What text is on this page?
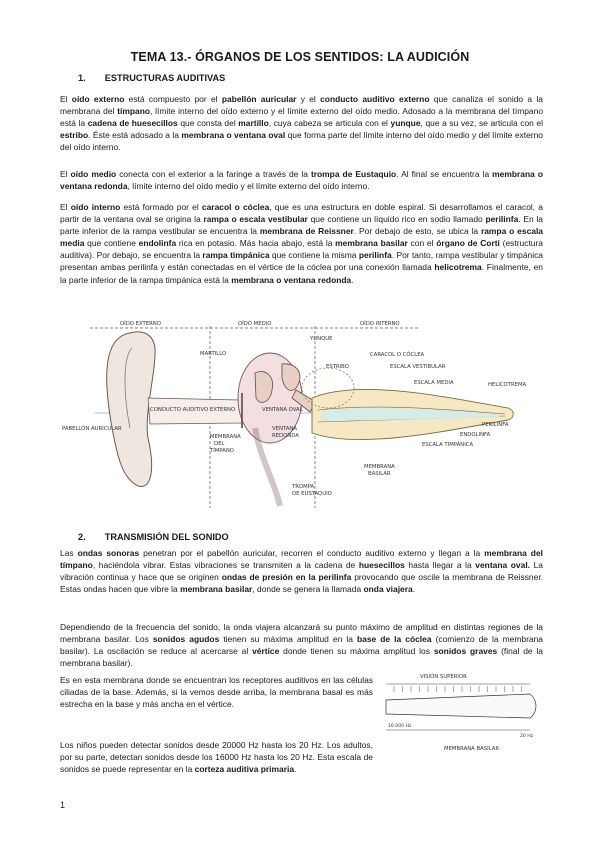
TEMA 13.- ÓRGANOS DE LOS SENTIDOS: LA AUDICIÓN
1. ESTRUCTURAS AUDITIVAS
El oído externo está compuesto por el pabellón auricular y el conducto auditivo externo que canaliza el sonido a la membrana del tímpano, límite interno del oído externo y el límite externo del oído medio. Adosado a la membrana del tímpano está la cadena de huesecillos que consta del martillo, cuya cabeza se articula con el yunque, que a su vez, se articula con el estribo. Éste está adosado a la membrana o ventana oval que forma parte del límite interno del oído medio y del límite externo del oído interno.
El oído medio conecta con el exterior a la faringe a través de la trompa de Eustaquio. Al final se encuentra la membrana o ventana redonda, límite interno del oído medio y el límite externo del oído interno.
El oído interno está formado por el caracol o cóclea, que es una estructura en doble espiral. Si desarrollamos el caracol, a partir de la ventana oval se origina la rampa o escala vestibular que contiene un líquido rico en sodio llamado perilinfa. En la parte inferior de la rampa vestibular se encuentra la membrana de Reissner. Por debajo de esto, se ubica la rampa o escala media que contiene endolinfa rica en potasio. Más hacia abajo, está la membrana basilar con el órgano de Corti (estructura auditiva). Por debajo, se encuentra la rampa timpánica que contiene la misma perilinfa. Por tanto, rampa vestibular y timpánica presentan ambas perilinfa y están conectadas en el vértice de la cóclea por una conexión llamada helicotrema. Finalmente, en la parte inferior de la rampa timpánica está la membrana o ventana redonda.
OÍDO EXTERNO	OÍDO MEDIO	OÍDO INTERNO
MARTILLO
YUNQUE
ESTRIBO
CARACOL O CÓCLEA
ESCALA VESTIBULAR
ESCALA MEDIA	HELICOTREMA
PABELLÓN AURICULAR
CONDUCTO AUDITIVO EXTERNO	VENTANA OVAL
MEMBRANA
DEL
TÍMPANO
VENTANA
REDONDA
PERILINFA
ENDOLINFA
ESCALA TIMPÁNICA
MEMBRANA
BASILAR
TROMPA
DE EUSTAQUIO
2. TRANSMISIÓN DEL SONIDO
Las ondas sonoras penetran por el pabellón auricular, recorren el conducto auditivo externo y llegan a la membrana del tímpano, haciéndola vibrar. Estas vibraciones se transmiten a la cadena de huesecillos hasta llegar a la ventana oval. La vibración continua y hace que se originen ondas de presión en la perilinfa provocando que oscile la membrana de Reissner. Estas ondas hacen que vibre la membrana basilar, donde se genera la llamada onda viajera.
Dependiendo de la frecuencia del sonido, la onda viajera alcanzará su punto máximo de amplitud en distintas regiones de la membrana basilar. Los sonidos agudos tienen su máxima amplitud en la base de la cóclea (comienzo de la membrana basilar). La oscilación se reduce al acercarse al vértice donde tienen su máxima amplitud los sonidos graves (final de la membrana basilar).
Es en esta membrana donde se encuentran los receptores auditivos en las células ciliadas de la base. Además, si la vemos desde arriba, la membrana basal es más estrecha en la base y más ancha en el vértice.
Los niños pueden detectar sonidos desde 20000 Hz hasta los 20 Hz. Los adultos, por su parte, detectan sonidos desde los 16000 Hz hasta los 20 Hz. Esta escala de sonidos se puede representar en la corteza auditiva primaria.
VISIÓN SUPERIOR
16.000 Hz
20 Hz
MEMBRANA BASILAR
1
